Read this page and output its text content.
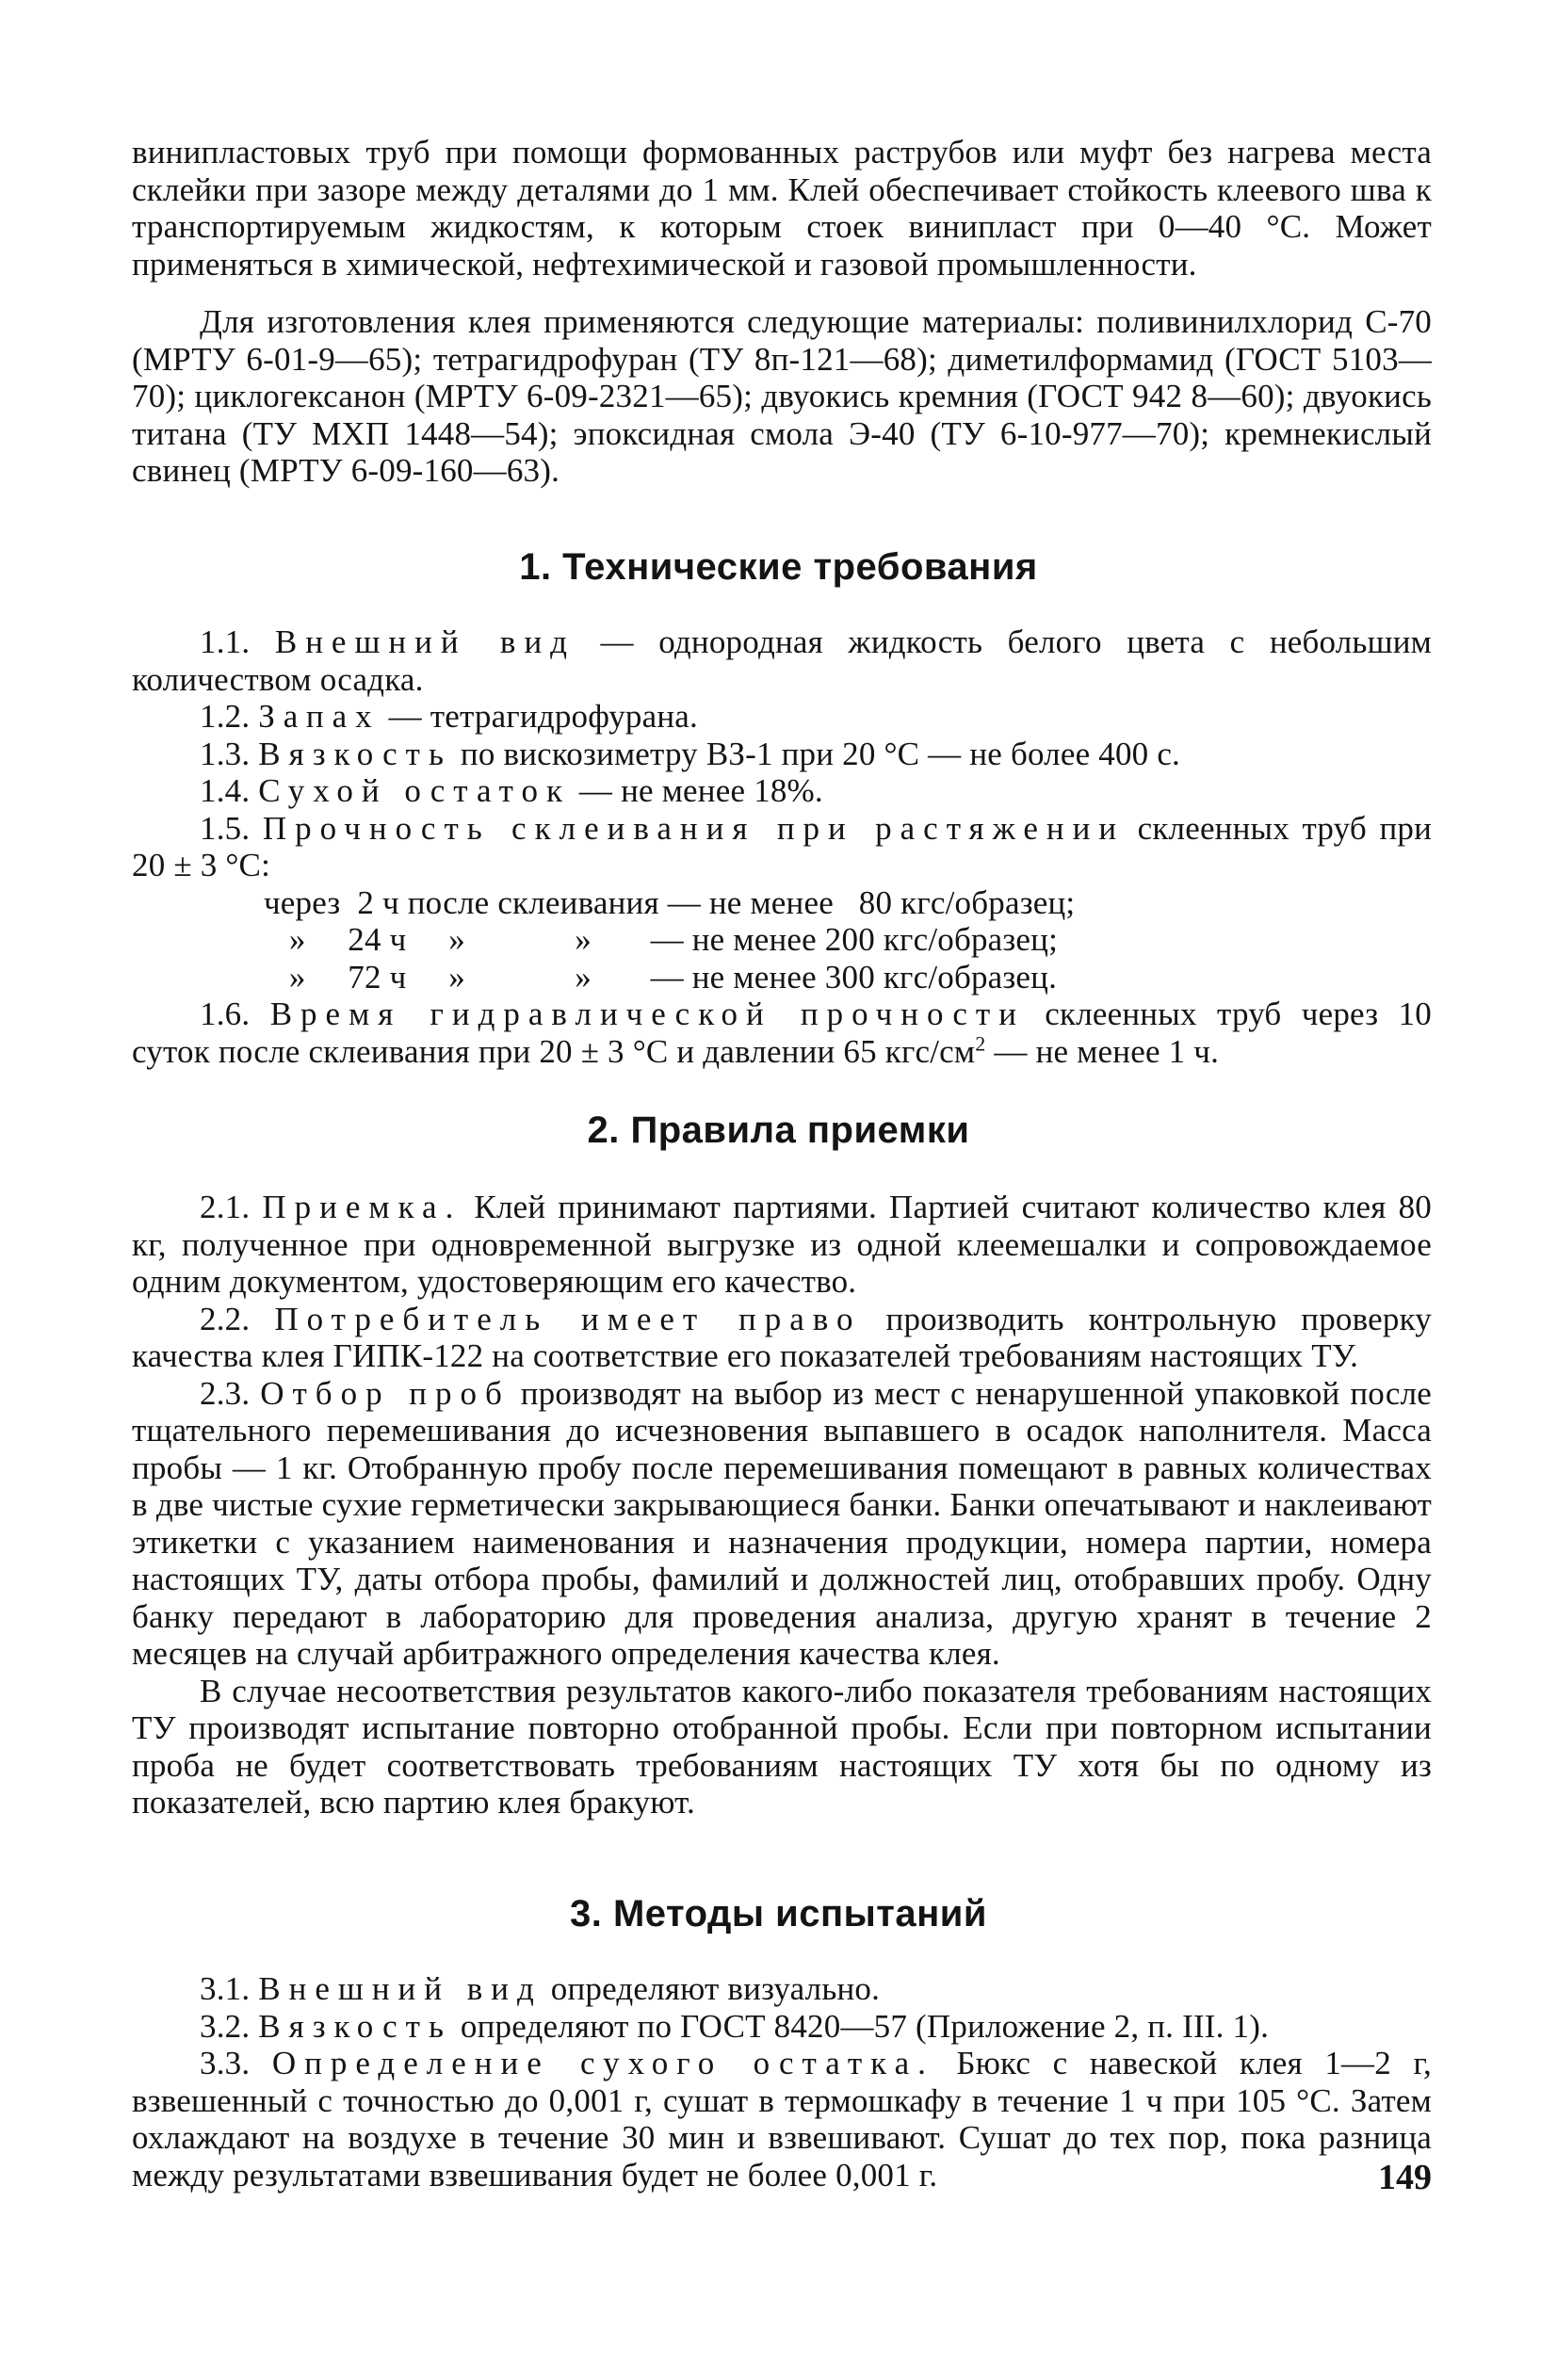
винипластовых труб при помощи формованных раструбов или муфт без нагрева места склейки при зазоре между деталями до 1 мм. Клей обеспечивает стойкость клеевого шва к транспортируемым жидкостям, к которым стоек винипласт при 0—40 °С. Может применяться в химической, нефтехимической и газовой промышленности.

Для изготовления клея применяются следующие материалы: поливинилхлорид С-70 (МРТУ 6-01-9—65); тетрагидрофуран (ТУ 8п-121—68); диметилформамид (ГОСТ 5103—70); циклогексанон (МРТУ 6-09-2321—65); двуокись кремния (ГОСТ 942 8—60); двуокись титана (ТУ МХП 1448—54); эпоксидная смола Э-40 (ТУ 6-10-977—70); кремнекислый свинец (МРТУ 6-09-160—63).

1. Технические требования

1.1. Внешний вид — однородная жидкость белого цвета с небольшим количеством осадка.

1.2. Запах — тетрагидрофурана.

1.3. Вязкость по вискозиметру ВЗ-1 при 20 °С — не более 400 с.

1.4. Сухой остаток — не менее 18%.

1.5. Прочность склеивания при растяжении склеенных труб при 20 ± 3 °С:

через  2 ч после склеивания — не менее   80 кгс/образец;
»     24 ч     »             »       — не менее 200 кгс/образец;
»     72 ч     »             »       — не менее 300 кгс/образец.

1.6. Время гидравлической прочности склеенных труб через 10 суток после склеивания при 20 ± 3 °С и давлении 65 кгс/$см^2$ — не менее 1 ч.

2. Правила приемки

2.1. Приемка. Клей принимают партиями. Партией считают количество клея 80 кг, полученное при одновременной выгрузке из одной клеемешалки и сопровождаемое одним документом, удостоверяющим его качество.

2.2. Потребитель имеет право производить контрольную проверку качества клея ГИПК-122 на соответствие его показателей требованиям настоящих ТУ.

2.3. Отбор проб производят на выбор из мест с ненарушенной упаковкой после тщательного перемешивания до исчезновения выпавшего в осадок наполнителя. Масса пробы — 1 кг. Отобранную пробу после перемешивания помещают в равных количествах в две чистые сухие герметически закрывающиеся банки. Банки опечатывают и наклеивают этикетки с указанием наименования и назначения продукции, номера партии, номера настоящих ТУ, даты отбора пробы, фамилий и должностей лиц, отобравших пробу. Одну банку передают в лабораторию для проведения анализа, другую хранят в течение 2 месяцев на случай арбитражного определения качества клея.

В случае несоответствия результатов какого-либо показателя требованиям настоящих ТУ производят испытание повторно отобранной пробы. Если при повторном испытании проба не будет соответствовать требованиям настоящих ТУ хотя бы по одному из показателей, всю партию клея бракуют.

3. Методы испытаний

3.1. Внешний вид определяют визуально.

3.2. Вязкость определяют по ГОСТ 8420—57 (Приложение 2, п. III. 1).

3.3. Определение сухого остатка. Бюкс с навеской клея 1—2 г, взвешенный с точностью до 0,001 г, сушат в термошкафу в течение 1 ч при 105 °С. Затем охлаждают на воздухе в течение 30 мин и взвешивают. Сушат до тех пор, пока разница между результатами взвешивания будет не более 0,001 г.	149
